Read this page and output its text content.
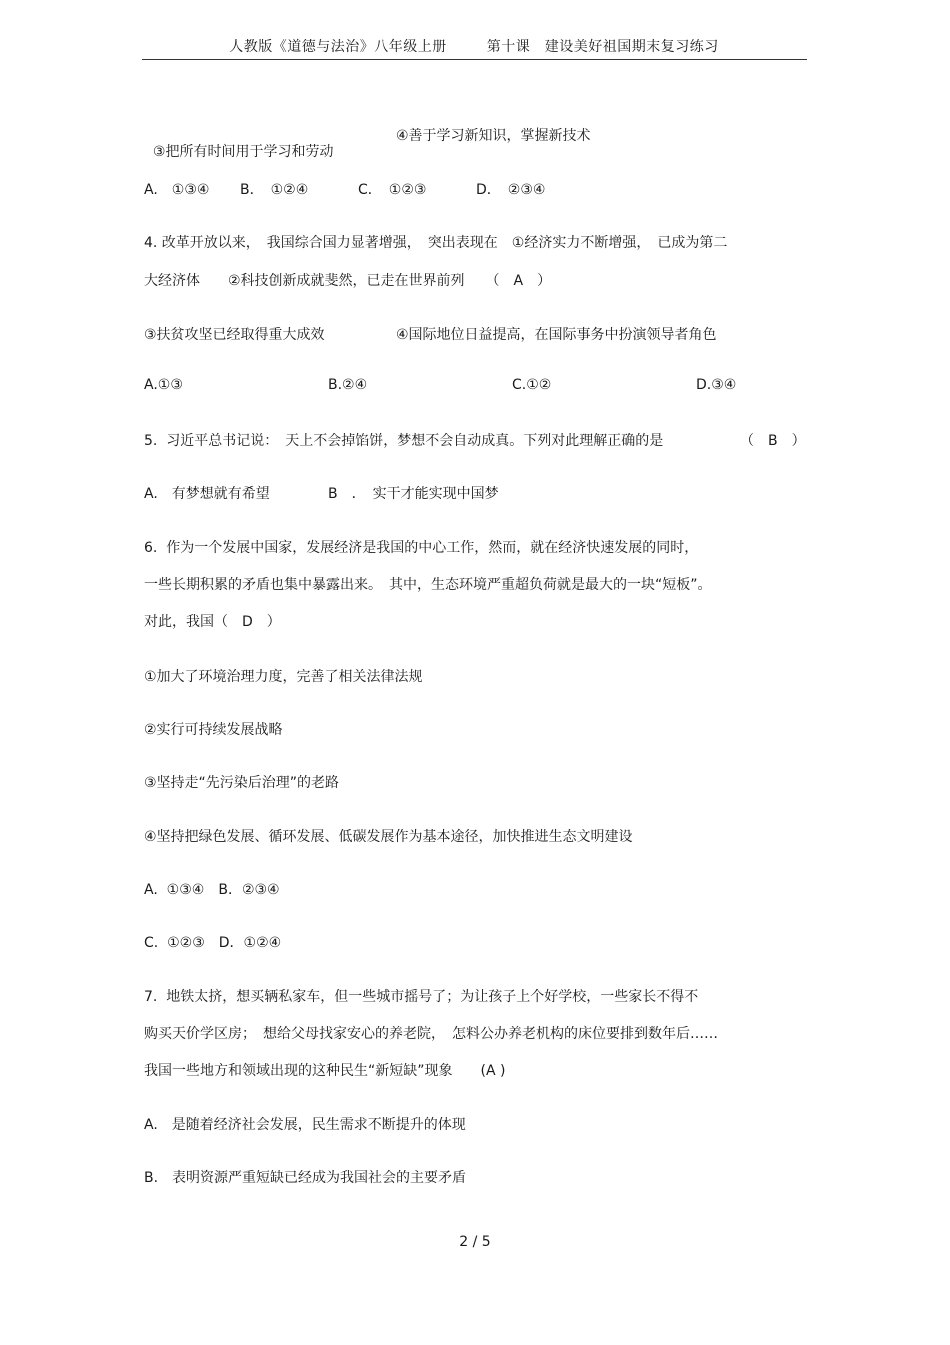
人教版《道德与法治》八年级上册	第十课　建设美好祖国期末复习练习

③把所有时间用于学习和劳动

④善于学习新知识，掌握新技术
A.　①③④ B．　①②④	C．　①②③	D．　②③④
4. 改革开放以来，　我国综合国力显著增强，　突出表现在　①经济实力不断增强，　已成为第二
大经济体　　②科技创新成就斐然，已走在世界前列　　（　A　）
③扶贫攻坚已经取得重大成效	④国际地位日益提高，在国际事务中扮演领导者角色
A.①③	B.②④	C.①②	D.③④
5.  习近平总书记说：　天上不会掉馅饼，梦想不会自动成真。下列对此理解正确的是	（　B　）
A.　有梦想就有希望	B　．　实干才能实现中国梦
6.  作为一个发展中国家，发展经济是我国的中心工作，然而，就在经济快速发展的同时，
一些长期积累的矛盾也集中暴露出来。　其中，生态环境严重超负荷就是最大的一块“短板”。
对此，我国（　D　）
①加大了环境治理力度，完善了相关法律法规
②实行可持续发展战略
③坚持走“先污染后治理”的老路
④坚持把绿色发展、循环发展、低碳发展作为基本途径，加快推进生态文明建设
A.  ①③④　B．②③④
C.  ①②③　D．①②④
7.  地铁太挤，想买辆私家车，但一些城市摇号了；为让孩子上个好学校，一些家长不得不
购买天价学区房；　想给父母找家安心的养老院，　怎料公办养老机构的床位要排到数年后……
我国一些地方和领域出现的这种民生“新短缺”现象　　(A )
A.　是随着经济社会发展，民生需求不断提升的体现
B.　表明资源严重短缺已经成为我国社会的主要矛盾
2 / 5
